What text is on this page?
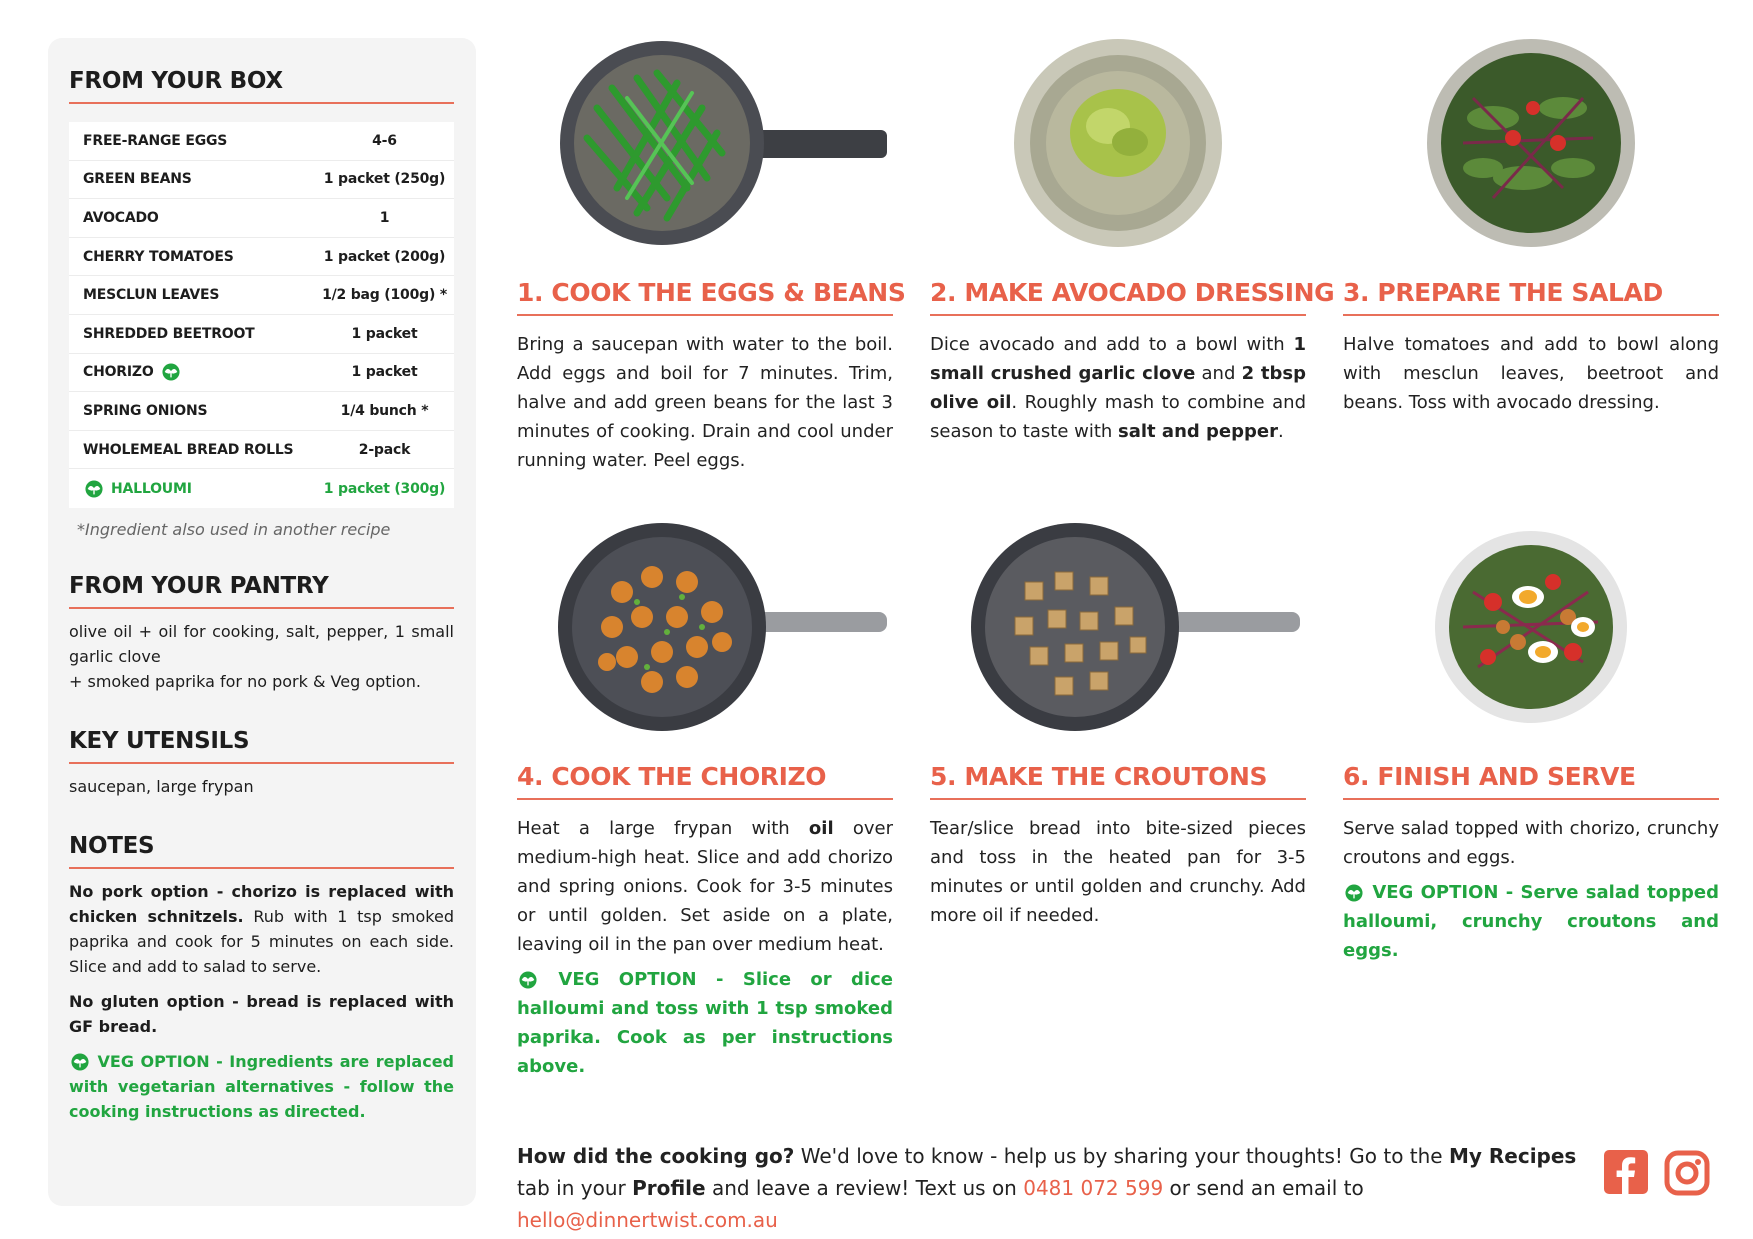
FROM YOUR BOX
FREE-RANGE EGGS	4-6
GREEN BEANS	1 packet (250g)
AVOCADO	1
CHERRY TOMATOES	1 packet (200g)
MESCLUN LEAVES	1/2 bag (100g) *
SHREDDED BEETROOT	1 packet
CHORIZO	1 packet
SPRING ONIONS	1/4 bunch *
WHOLEMEAL BREAD ROLLS	2-pack
HALLOUMI	1 packet (300g)
*Ingredient also used in another recipe
FROM YOUR PANTRY
olive oil + oil for cooking, salt, pepper, 1 small garlic clove

+ smoked paprika for no pork & Veg option.
KEY UTENSILS
saucepan, large frypan
NOTES
No pork option - chorizo is replaced with chicken schnitzels. Rub with 1 tsp smoked paprika and cook for 5 minutes on each side. Slice and add to salad to serve.
No gluten option - bread is replaced with GF bread.
VEG OPTION - Ingredients are replaced with vegetarian alternatives - follow the cooking instructions as directed.
1. COOK THE EGGS & BEANS
Bring a saucepan with water to the boil. Add eggs and boil for 7 minutes. Trim, halve and add green beans for the last 3 minutes of cooking. Drain and cool under running water. Peel eggs.
2. MAKE AVOCADO DRESSING
Dice avocado and add to a bowl with 1 small crushed garlic clove and 2 tbsp olive oil. Roughly mash to combine and season to taste with salt and pepper.
3. PREPARE THE SALAD
Halve tomatoes and add to bowl along with mesclun leaves, beetroot and beans. Toss with avocado dressing.
4. COOK THE CHORIZO
Heat a large frypan with oil over medium-high heat. Slice and add chorizo and spring onions. Cook for 3-5 minutes or until golden. Set aside on a plate, leaving oil in the pan over medium heat.
VEG OPTION - Slice or dice halloumi and toss with 1 tsp smoked paprika. Cook as per instructions above.
5. MAKE THE CROUTONS
Tear/slice bread into bite-sized pieces and toss in the heated pan for 3-5 minutes or until golden and crunchy. Add more oil if needed.
6. FINISH AND SERVE
Serve salad topped with chorizo, crunchy croutons and eggs.
VEG OPTION - Serve salad topped halloumi, crunchy croutons and eggs.
How did the cooking go? We'd love to know - help us by sharing your thoughts! Go to the My Recipes tab in your Profile and leave a review! Text us on 0481 072 599 or send an email to hello@dinnertwist.com.au
